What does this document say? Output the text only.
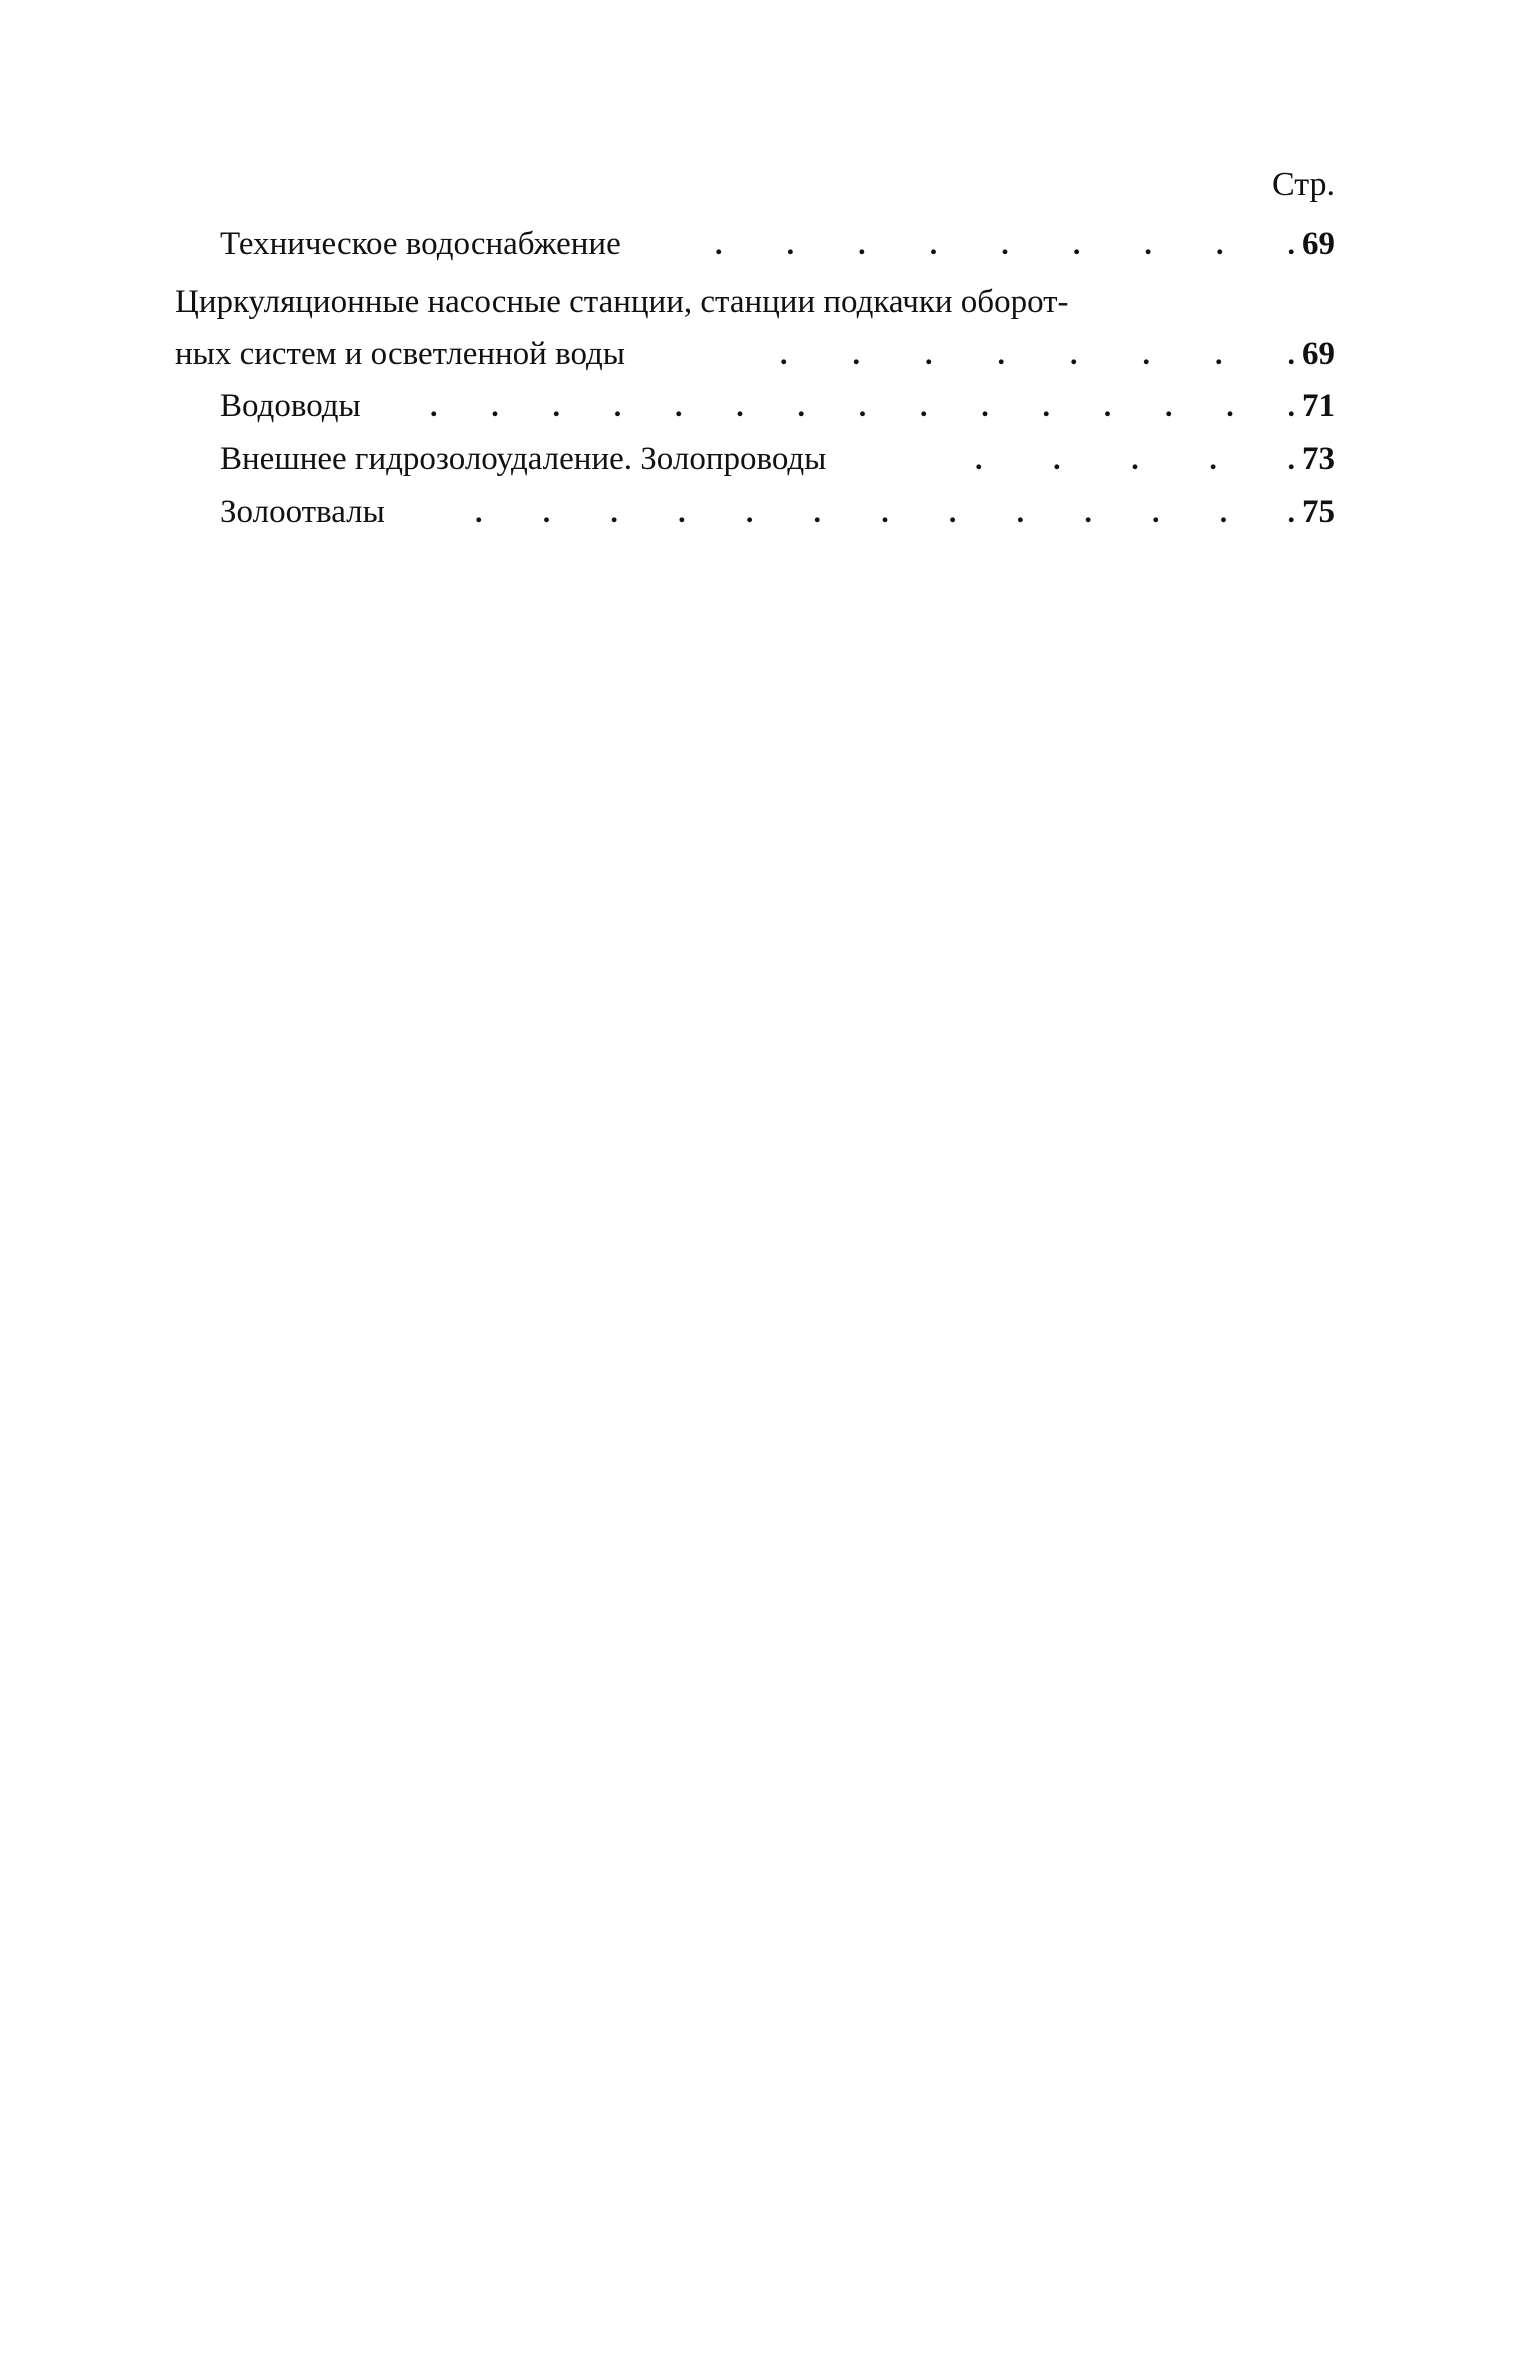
Стр.
Техническое водоснабжение	. . . . . . . . . 69
Циркуляционные насосные станции, станции подкачки оборот-
ных систем и осветленной воды	. . . . . . . . 69
Водоводы . . . . . . . . . . . . . . . 71
Внешнее гидрозолоудаление. Золопроводы	. . . . . 73
Золоотвалы	. . . . . . . . . . . . . 75
